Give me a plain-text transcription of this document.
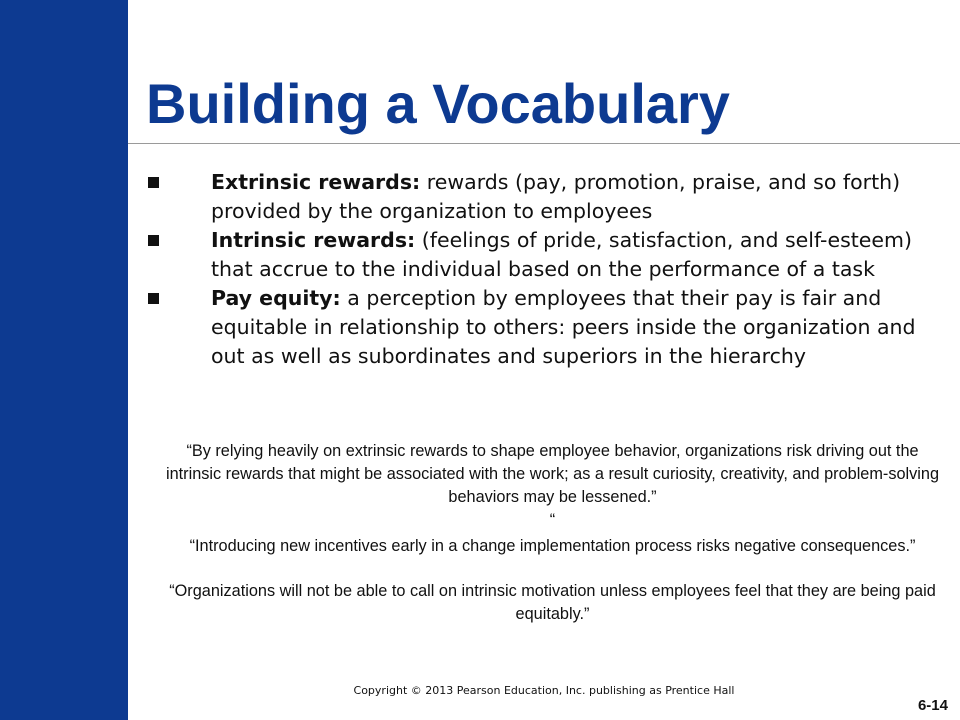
Building a Vocabulary
Extrinsic rewards: rewards (pay, promotion, praise, and so forth) provided by the organization to employees
Intrinsic rewards: (feelings of pride, satisfaction, and self-esteem) that accrue to the individual based on the performance of a task
Pay equity: a perception by employees that their pay is fair and equitable in relationship to others: peers inside the organization and out as well as subordinates and superiors in the hierarchy

“By relying heavily on extrinsic rewards to shape employee behavior, organizations risk driving out the intrinsic rewards that might be associated with the work; as a result curiosity, creativity, and problem-solving behaviors may be lessened.”

“

“Introducing new incentives early in a change implementation process risks negative consequences.”

“Organizations will not be able to call on intrinsic motivation unless employees feel that they are being paid equitably.”

Copyright © 2013 Pearson Education, Inc. publishing as Prentice Hall

6-14
